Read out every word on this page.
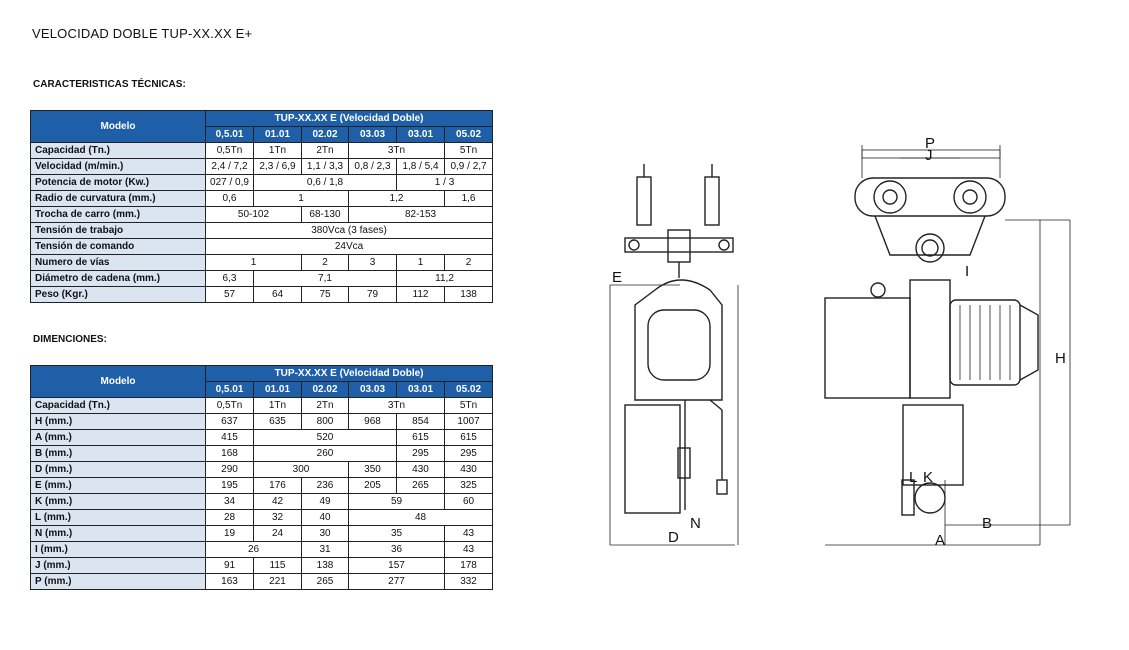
VELOCIDAD DOBLE TUP-XX.XX E+
CARACTERISTICAS TÉCNICAS:
Modelo	TUP-XX.XX E (Velocidad Doble)					
	0,5.01	01.01	02.02	03.03	03.01	05.02
Capacidad (Tn.)	0,5Tn	1Tn	2Tn	3Tn		5Tn
Velocidad (m/min.)	2,4 / 7,2	2,3 / 6,9	1,1 / 3,3	0,8 / 2,3	1,8 / 5,4	0,9 / 2,7
Potencia de motor (Kw.)	027 / 0,9	0,6 / 1,8			1 / 3	
Radio de curvatura (mm.)	0,6	1		1,2		1,6
Trocha de carro (mm.)	50-102		68-130	82-153		
Tensión de trabajo	380Vca (3 fases)					
Tensión de comando	24Vca					
Numero de vías	1		2	3	1	2
Diámetro de cadena (mm.)	6,3	7,1			11,2	
Peso (Kgr.)	57	64	75	79	112	138
DIMENCIONES:
Modelo	TUP-XX.XX E (Velocidad Doble)					
	0,5.01	01.01	02.02	03.03	03.01	05.02
Capacidad (Tn.)	0,5Tn	1Tn	2Tn	3Tn		5Tn
H (mm.)	637	635	800	968	854	1007
A (mm.)	415	520			615	615
B (mm.)	168	260			295	295
D (mm.)	290	300		350	430	430
E (mm.)	195	176	236	205	265	325
K (mm.)	34	42	49	59		60
L (mm.)	28	32	40	48		
N (mm.)	19	24	30	35		43
I (mm.)	26		31	36		43
J (mm.)	91	115	138	157		178
P (mm.)	163	221	265	277		332
P
J
E	I
H
L K
N
D
B
A
